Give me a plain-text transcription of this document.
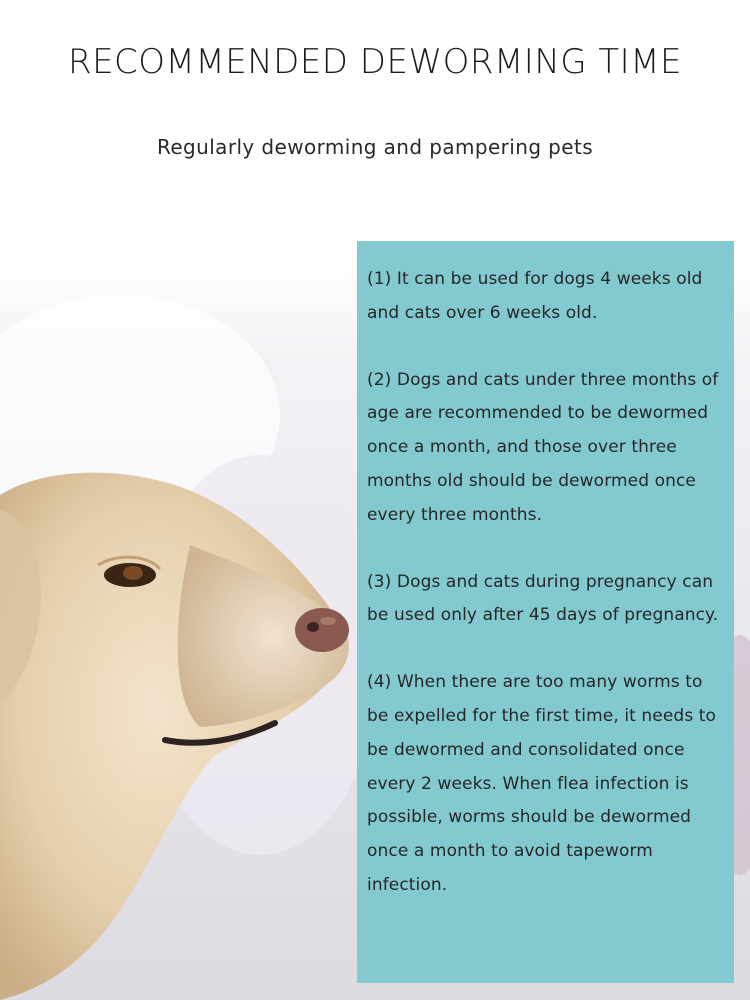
RECOMMENDED DEWORMING TIME
Regularly deworming and pampering pets

(1) It can be used for dogs 4 weeks old and cats over 6 weeks old.

(2) Dogs and cats under three months of age are recommended to be dewormed once a month, and those over three months old should be dewormed once every three months.

(3) Dogs and cats during pregnancy can be used only after 45 days of pregnancy.

(4) When there are too many worms to be expelled for the first time, it needs to be dewormed and consolidated once every 2 weeks. When flea infection is possible, worms should be dewormed once a month to avoid tapeworm infection.
